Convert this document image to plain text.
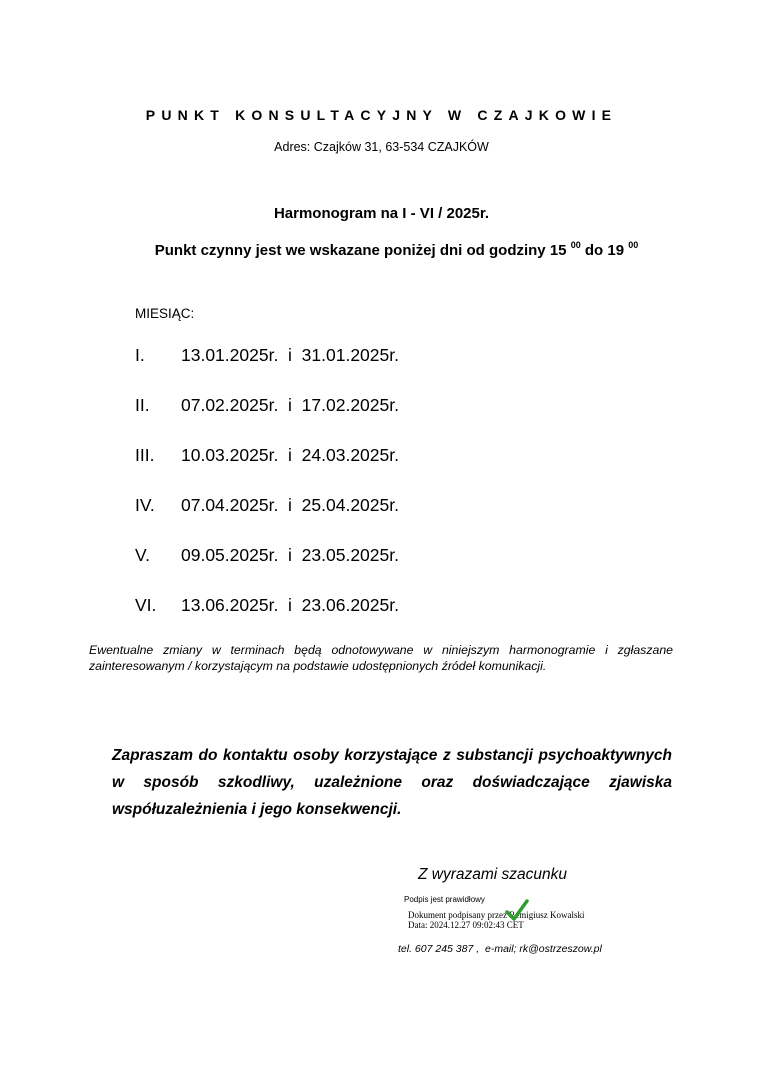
PUNKT KONSULTACYJNY W CZAJKOWIE
Adres: Czajków 31, 63-534 CZAJKÓW
Harmonogram na I - VI / 2025r.
Punkt czynny jest we wskazane poniżej dni od godziny 15 $^{00}$ do 19 $^{00}$
MIESIĄC:
I. 13.01.2025r. i 31.01.2025r.
II. 07.02.2025r. i 17.02.2025r.
III. 10.03.2025r. i 24.03.2025r.
IV. 07.04.2025r. i 25.04.2025r.
V. 09.05.2025r. i 23.05.2025r.
VI. 13.06.2025r. i 23.06.2025r.
Ewentualne zmiany w terminach będą odnotowywane w niniejszym harmonogramie i zgłaszane zainteresowanym / korzystającym na podstawie udostępnionych źródeł komunikacji.
Zapraszam do kontaktu osoby korzystające z substancji psychoaktywnych w sposób szkodliwy, uzależnione oraz doświadczające zjawiska współuzależnienia i jego konsekwencji.
Z wyrazami szacunku
Podpis jest prawidłowy
Dokument podpisany przez Remigiusz Kowalski
Data: 2024.12.27 09:02:43 CET
tel. 607 245 387 ,  e-mail; rk@ostrzeszow.pl
